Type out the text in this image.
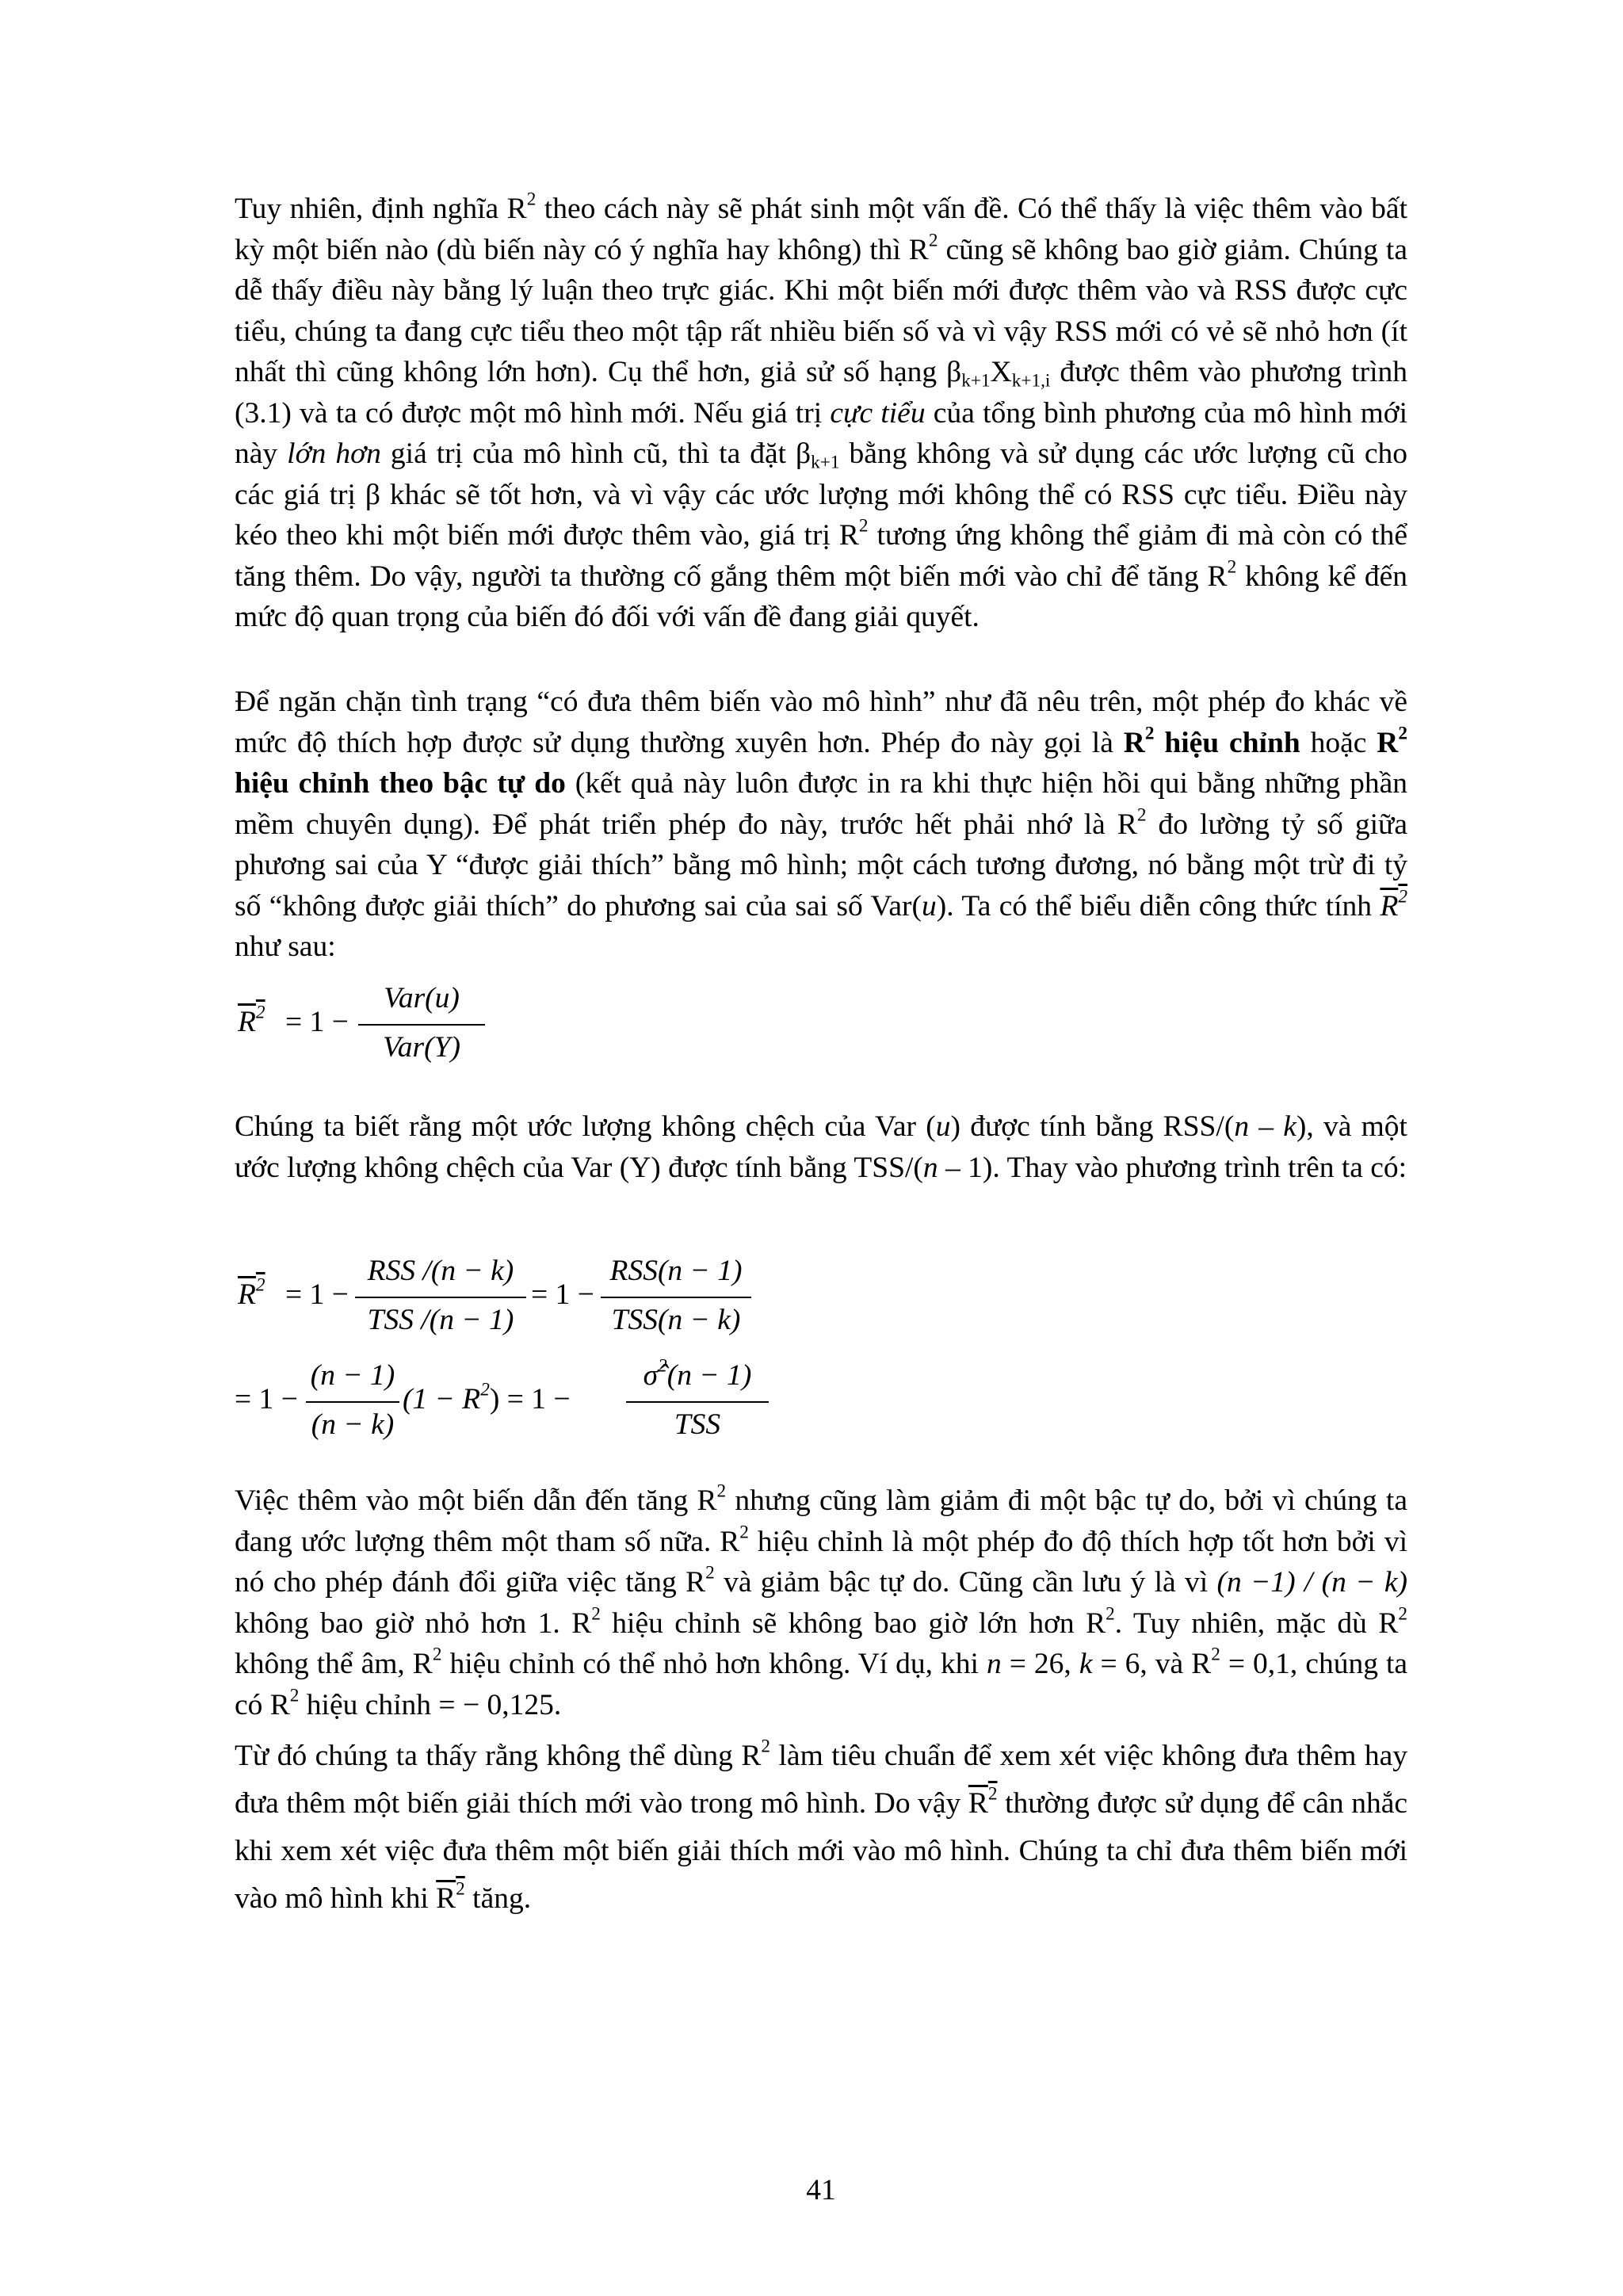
Tuy nhiên, định nghĩa $R^2$ theo cách này sẽ phát sinh một vấn đề. Có thể thấy là việc thêm vào bất kỳ một biến nào (dù biến này có ý nghĩa hay không) thì $R^2$ cũng sẽ không bao giờ giảm. Chúng ta dễ thấy điều này bằng lý luận theo trực giác. Khi một biến mới được thêm vào và RSS được cực tiểu, chúng ta đang cực tiểu theo một tập rất nhiều biến số và vì vậy RSS mới có vẻ sẽ nhỏ hơn (ít nhất thì cũng không lớn hơn). Cụ thể hơn, giả sử số hạng $\beta_{k+1}X_{k+1,i}$ được thêm vào phương trình (3.1) và ta có được một mô hình mới. Nếu giá trị cực tiểu của tổng bình phương của mô hình mới này lớn hơn giá trị của mô hình cũ, thì ta đặt $\beta_{k+1}$ bằng không và sử dụng các ước lượng cũ cho các giá trị β khác sẽ tốt hơn, và vì vậy các ước lượng mới không thể có RSS cực tiểu. Điều này kéo theo khi một biến mới được thêm vào, giá trị $R^2$ tương ứng không thể giảm đi mà còn có thể tăng thêm. Do vậy, người ta thường cố gắng thêm một biến mới vào chỉ để tăng $R^2$ không kể đến mức độ quan trọng của biến đó đối với vấn đề đang giải quyết.

Để ngăn chặn tình trạng “có đưa thêm biến vào mô hình” như đã nêu trên, một phép đo khác về mức độ thích hợp được sử dụng thường xuyên hơn. Phép đo này gọi là $R^2$ hiệu chỉnh hoặc $R^2$ hiệu chỉnh theo bậc tự do (kết quả này luôn được in ra khi thực hiện hồi qui bằng những phần mềm chuyên dụng). Để phát triển phép đo này, trước hết phải nhớ là $R^2$ đo lường tỷ số giữa phương sai của Y “được giải thích” bằng mô hình; một cách tương đương, nó bằng một trừ đi tỷ số “không được giải thích” do phương sai của sai số Var(u). Ta có thể biểu diễn công thức tính $R^2$ như sau:

$R^2 = 1$ −
Var(u)
Var(Y)

Chúng ta biết rằng một ước lượng không chệch của Var (u) được tính bằng RSS/(n – k), và một ước lượng không chệch của Var (Y) được tính bằng TSS/(n – 1). Thay vào phương trình trên ta có:

$R^2 = 1$ −
RSS /(n − k)
TSS /(n − 1)
= 1 −
RSS(n − 1)
TSS(n − k)
= 1 −
(n − 1)
(n − k)
$(1 - R^2) = 1$ −
σ̂$^2$(n − 1)
TSS

Việc thêm vào một biến dẫn đến tăng $R^2$ nhưng cũng làm giảm đi một bậc tự do, bởi vì chúng ta đang ước lượng thêm một tham số nữa. $R^2$ hiệu chỉnh là một phép đo độ thích hợp tốt hơn bởi vì nó cho phép đánh đổi giữa việc tăng $R^2$ và giảm bậc tự do. Cũng cần lưu ý là vì (n −1) / (n − k) không bao giờ nhỏ hơn 1. $R^2$ hiệu chỉnh sẽ không bao giờ lớn hơn $R^2$. Tuy nhiên, mặc dù $R^2$ không thể âm, $R^2$ hiệu chỉnh có thể nhỏ hơn không. Ví dụ, khi n = 26, k = 6, và $R^2 = 0,1$, chúng ta có $R^2$ hiệu chỉnh = − 0,125.

Từ đó chúng ta thấy rằng không thể dùng $R^2$ làm tiêu chuẩn để xem xét việc không đưa thêm hay đưa thêm một biến giải thích mới vào trong mô hình. Do vậy $R^2$ thường được sử dụng để cân nhắc khi xem xét việc đưa thêm một biến giải thích mới vào mô hình. Chúng ta chỉ đưa thêm biến mới vào mô hình khi $R^2$ tăng.

41
